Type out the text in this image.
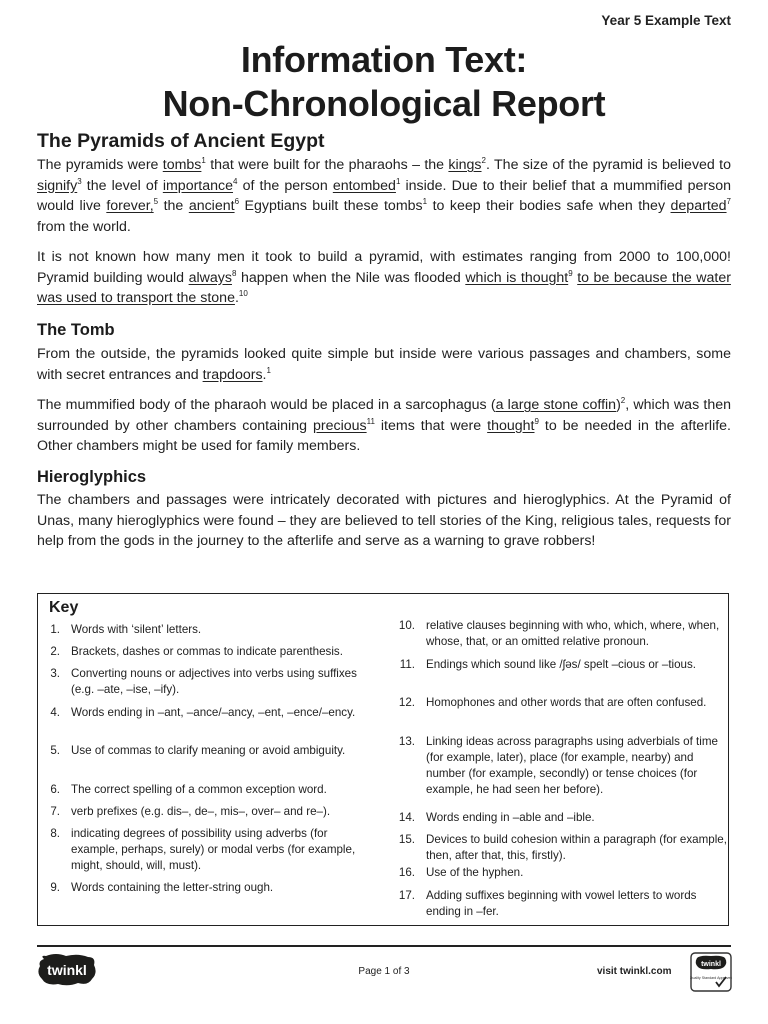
Year 5 Example Text
Information Text:
Non-Chronological Report
The Pyramids of Ancient Egypt
The pyramids were tombs$^1$ that were built for the pharaohs – the kings$^2$. The size of the pyramid is believed to signify$^3$ the level of importance$^4$ of the person entombed$^1$ inside. Due to their belief that a mummified person would live forever,$^5$ the ancient$^6$ Egyptians built these tombs$^1$ to keep their bodies safe when they departed$^7$ from the world.
It is not known how many men it took to build a pyramid, with estimates ranging from 2000 to 100,000! Pyramid building would always$^8$ happen when the Nile was flooded which is thought$^9$ to be because the water was used to transport the stone.$^{10}$
The Tomb
From the outside, the pyramids looked quite simple but inside were various passages and chambers, some with secret entrances and trapdoors.$^1$
The mummified body of the pharaoh would be placed in a sarcophagus (a large stone coffin)$^2$, which was then surrounded by other chambers containing precious$^{11}$ items that were thought$^9$ to be needed in the afterlife. Other chambers might be used for family members.
Hieroglyphics
The chambers and passages were intricately decorated with pictures and hieroglyphics. At the Pyramid of Unas, many hieroglyphics were found – they are believed to tell stories of the King, religious tales, requests for help from the gods in the journey to the afterlife and serve as a warning to grave robbers!
Key
1. Words with ‘silent’ letters.
2. Brackets, dashes or commas to indicate parenthesis.
3. Converting nouns or adjectives into verbs using suffixes (e.g. –ate, –ise, –ify).
4. Words ending in –ant, –ance/–ancy, –ent, –ence/–ency.
5. Use of commas to clarify meaning or avoid ambiguity.
6. The correct spelling of a common exception word.
7. verb prefixes (e.g. dis–, de–, mis–, over– and re–).
8. indicating degrees of possibility using adverbs (for example, perhaps, surely) or modal verbs (for example, might, should, will, must).
9. Words containing the letter-string ough.
10. relative clauses beginning with who, which, where, when, whose, that, or an omitted relative pronoun.
11. Endings which sound like /ʃəs/ spelt –cious or –tious.
12. Homophones and other words that are often confused.
13. Linking ideas across paragraphs using adverbials of time (for example, later), place (for example, nearby) and number (for example, secondly) or tense choices (for example, he had seen her before).
14. Words ending in –able and –ible.
15. Devices to build cohesion within a paragraph (for example, then, after that, this, firstly).
16. Use of the hyphen.
17. Adding suffixes beginning with vowel letters to words ending in –fer.
twinkl	Page 1 of 3	visit twinkl.com
twinkl
Quality Standard Approved
